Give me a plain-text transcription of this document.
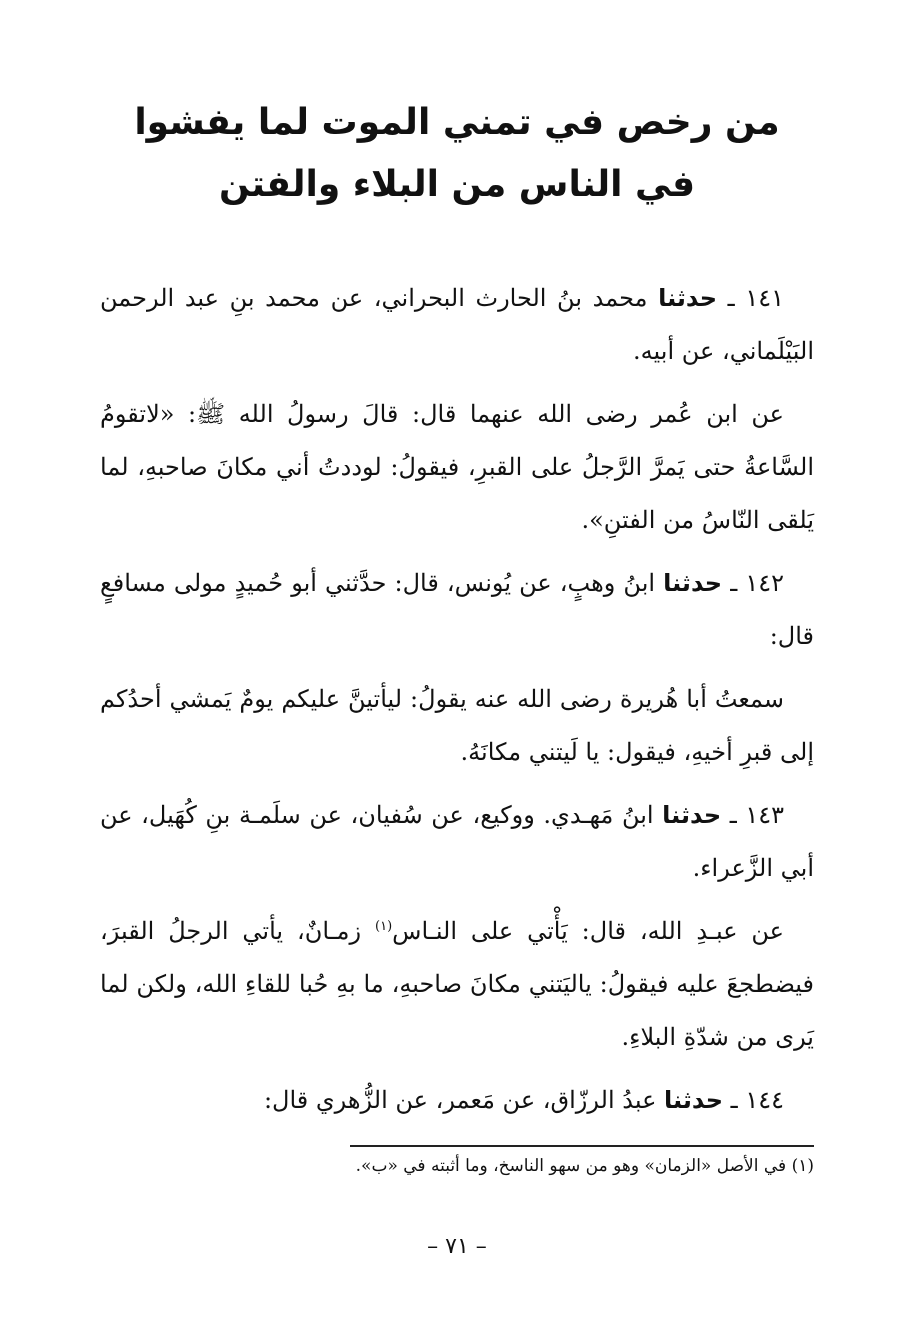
من رخص في تمني الموت لما يفشوا
في الناس من البلاء والفتن

١٤١ ـ حدثنا محمد بنُ الحارث البحراني، عن محمد بنِ عبد الرحمن البَيْلَماني، عن أبيه.

عن ابن عُمر رضى الله عنهما قال: قالَ رسولُ الله ﷺ: «لاتقومُ السَّاعةُ حتى يَمرَّ الرَّجلُ على القبرِ، فيقولُ: لوددتُ أني مكانَ صاحبهِ، لما يَلقى النّاسُ من الفتنِ».

١٤٢ ـ حدثنا ابنُ وهبٍ، عن يُونس، قال: حدَّثني أبو حُميدٍ مولى مسافعٍ قال:

سمعتُ أبا هُريرة رضى الله عنه يقولُ: ليأتينَّ عليكم يومٌ يَمشي أحدُكم إلى قبرِ أخيهِ، فيقول: يا لَيتني مكانَهُ.

١٤٣ ـ حدثنا ابنُ مَهـدي. ووكيع، عن سُفيان، عن سلَمـة بنِ كُهَيل، عن أبي الزَّعراء.

عن عبـدِ الله، قال: يَأْتي على النـاس$^{(١)}$ زمـانٌ، يأتي الرجلُ القبرَ، فيضطجعَ عليه فيقولُ: ياليَتني مكانَ صاحبهِ، ما بهِ حُبا للقاءِ الله، ولكن لما يَرى من شدّةِ البلاءِ.

١٤٤ ـ حدثنا عبدُ الرزّاق، عن مَعمر، عن الزُّهري قال:

(١) في الأصل «الزمان» وهو من سهو الناسخ، وما أثبته في «ب».
– ٧١ –
